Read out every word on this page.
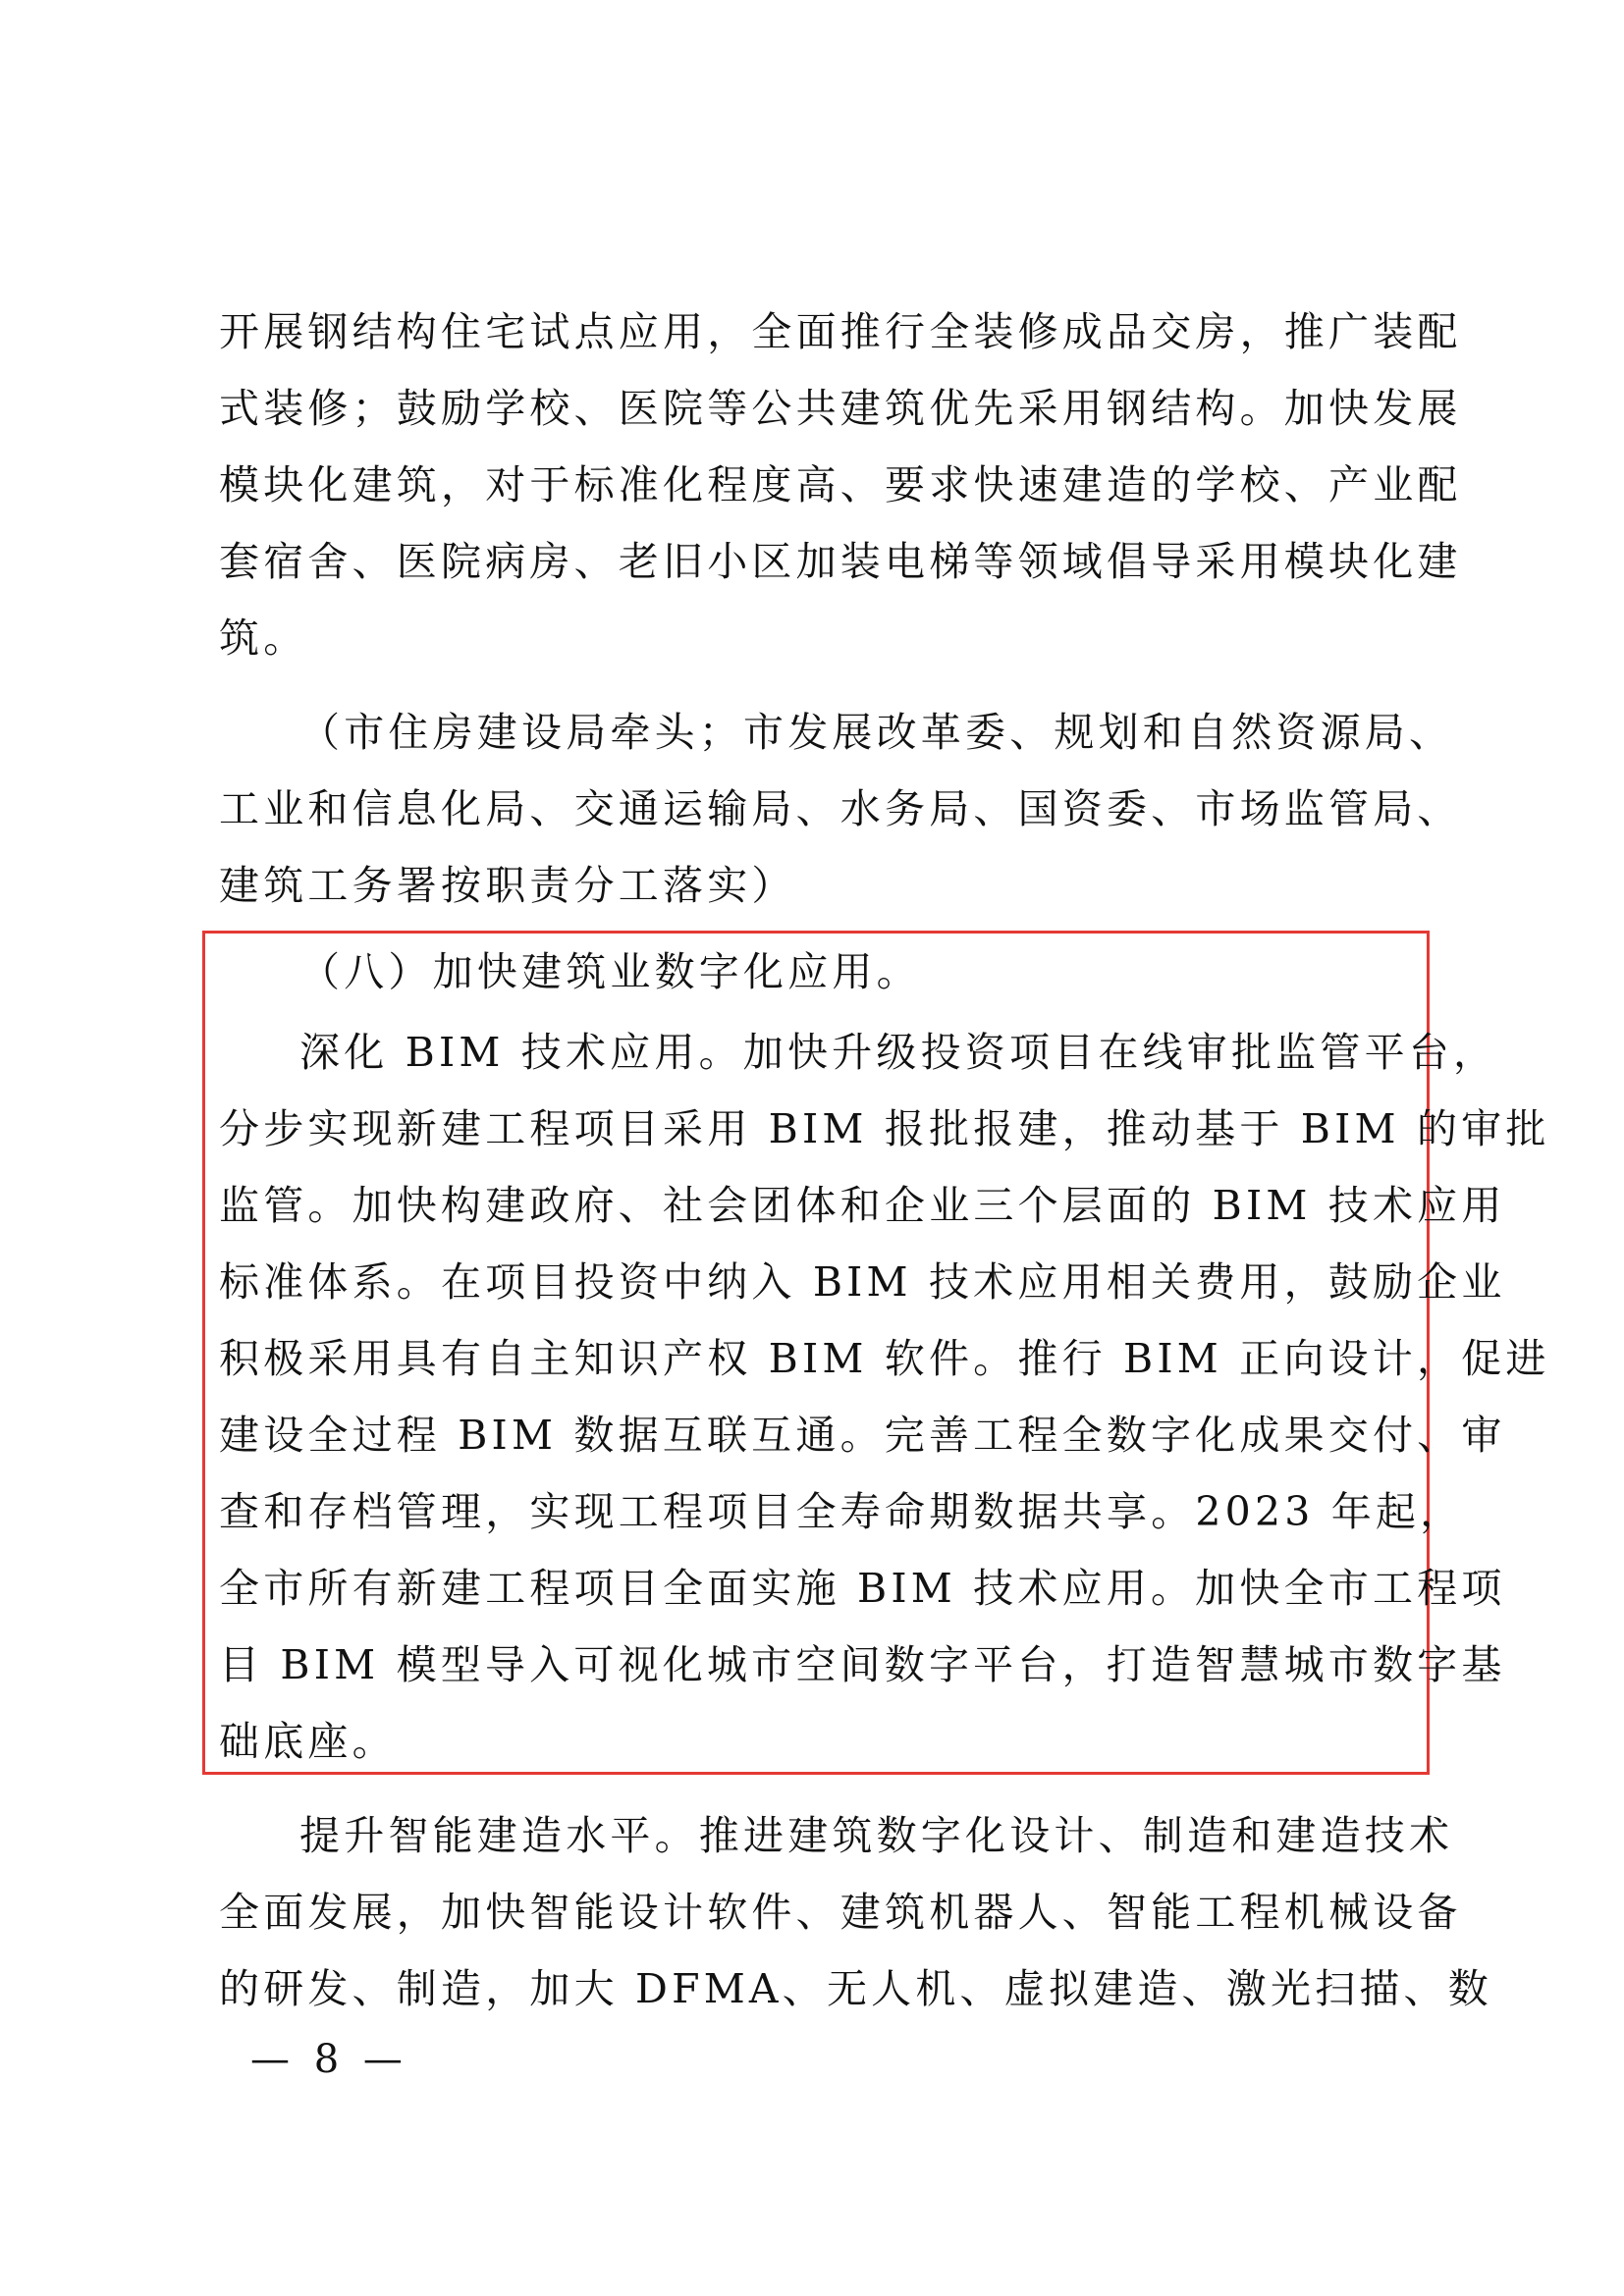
开展钢结构住宅试点应用，全面推行全装修成品交房，推广装配
式装修；鼓励学校、医院等公共建筑优先采用钢结构。加快发展
模块化建筑，对于标准化程度高、要求快速建造的学校、产业配
套宿舍、医院病房、老旧小区加装电梯等领域倡导采用模块化建
筑。
（市住房建设局牵头；市发展改革委、规划和自然资源局、
工业和信息化局、交通运输局、水务局、国资委、市场监管局、
建筑工务署按职责分工落实）
（八）加快建筑业数字化应用。
深化 BIM 技术应用。加快升级投资项目在线审批监管平台，
分步实现新建工程项目采用 BIM 报批报建，推动基于 BIM 的审批
监管。加快构建政府、社会团体和企业三个层面的 BIM 技术应用
标准体系。在项目投资中纳入 BIM 技术应用相关费用，鼓励企业
积极采用具有自主知识产权 BIM 软件。推行 BIM 正向设计，促进
建设全过程 BIM 数据互联互通。完善工程全数字化成果交付、审
查和存档管理，实现工程项目全寿命期数据共享。2023 年起，
全市所有新建工程项目全面实施 BIM 技术应用。加快全市工程项
目 BIM 模型导入可视化城市空间数字平台，打造智慧城市数字基
础底座。
提升智能建造水平。推进建筑数字化设计、制造和建造技术
全面发展，加快智能设计软件、建筑机器人、智能工程机械设备
的研发、制造，加大 DFMA、无人机、虚拟建造、激光扫描、数
— 8 —
